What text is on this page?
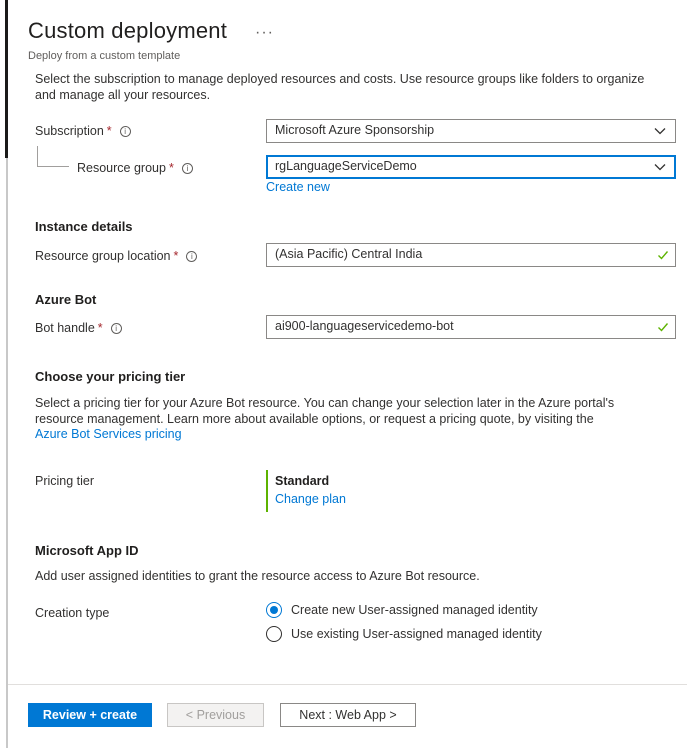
Custom deployment ···
Deploy from a custom template
Select the subscription to manage deployed resources and costs. Use resource groups like folders to organize and manage all your resources.
Subscription * i	Microsoft Azure Sponsorship
Resource group * i	rgLanguageServiceDemo
Create new
Instance details
Resource group location * i	(Asia Pacific) Central India
Azure Bot
Bot handle * i	ai900-languageservicedemo-bot
Choose your pricing tier
Select a pricing tier for your Azure Bot resource. You can change your selection later in the Azure portal's resource management. Learn more about available options, or request a pricing quote, by visiting the
Azure Bot Services pricing
Pricing tier	Standard
Change plan
Microsoft App ID
Add user assigned identities to grant the resource access to Azure Bot resource.
Creation type	Create new User-assigned managed identity
Use existing User-assigned managed identity
Review + create	< Previous	Next : Web App >
